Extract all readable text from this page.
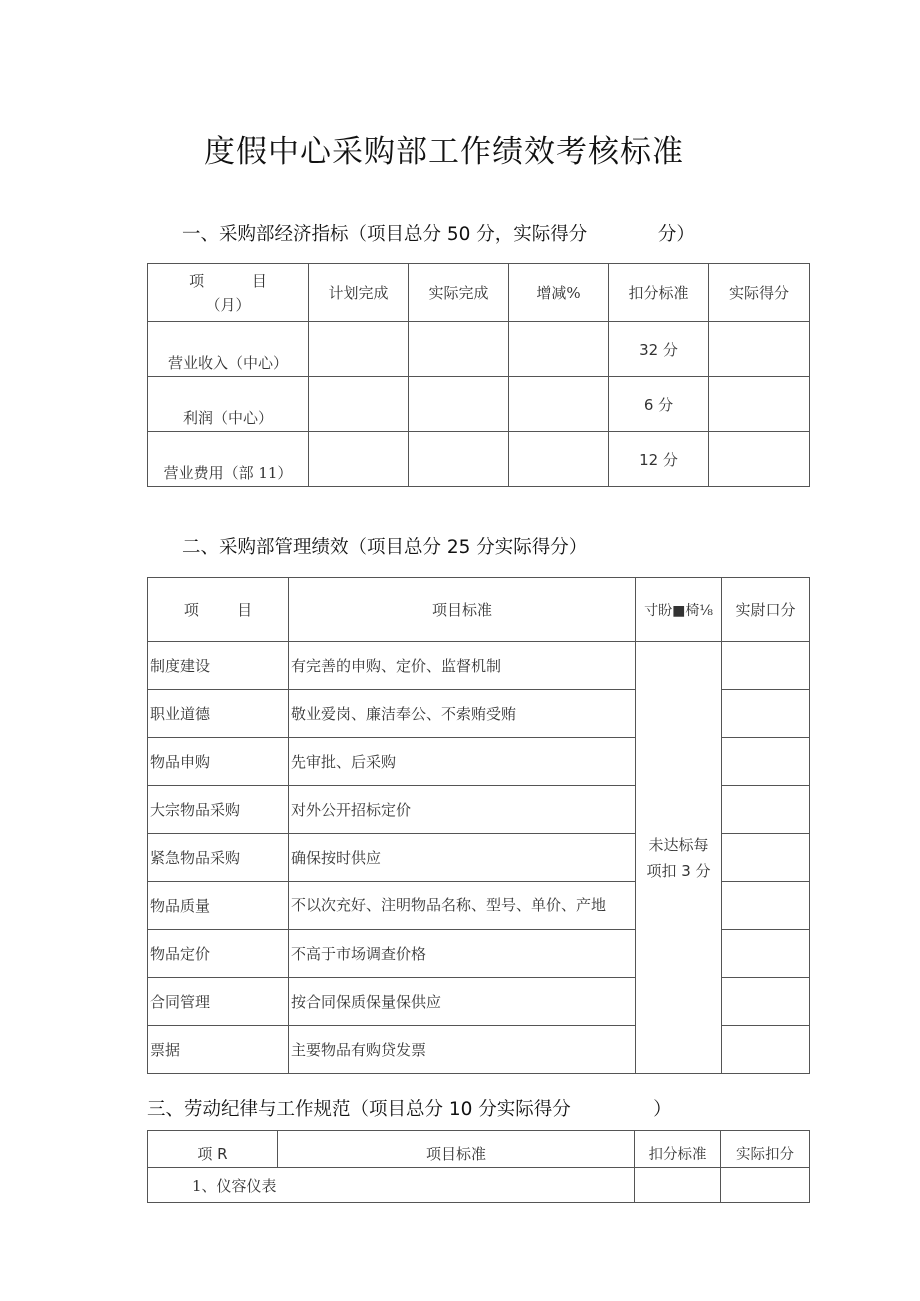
度假中心采购部工作绩效考核标准

一、采购部经济指标（项目总分 50 分，实际得分            分）

项          目
（月）	计划完成	实际完成	增减%	扣分标准	实际得分
营业收入（中心）				32 分	
利润（中心）				6 分	
营业费用（部 11）				12 分	

二、采购部管理绩效（项目总分 25 分实际得分）

项        目	项目标准	寸盼■椅⅛	实尉口分
制度建设	有完善的申购、定价、监督机制	未达标每
项扣 3 分	

职业道德	敬业爱岗、廉洁奉公、不索贿受贿		
物品申购	先审批、后采购		
大宗物品采购	对外公开招标定价		
紧急物品采购	确保按时供应		
物品质量	不以次充好、注明物品名称、型号、单价、产地		
物品定价	不高于市场调查价格		
合同管理	按合同保质保量保供应		
票据	主要物品有购贷发票		

三、劳动纪律与工作规范（项目总分 10 分实际得分              ）

项 R	项目标准	扣分标准	实际扣分
1、仪容仪表			
